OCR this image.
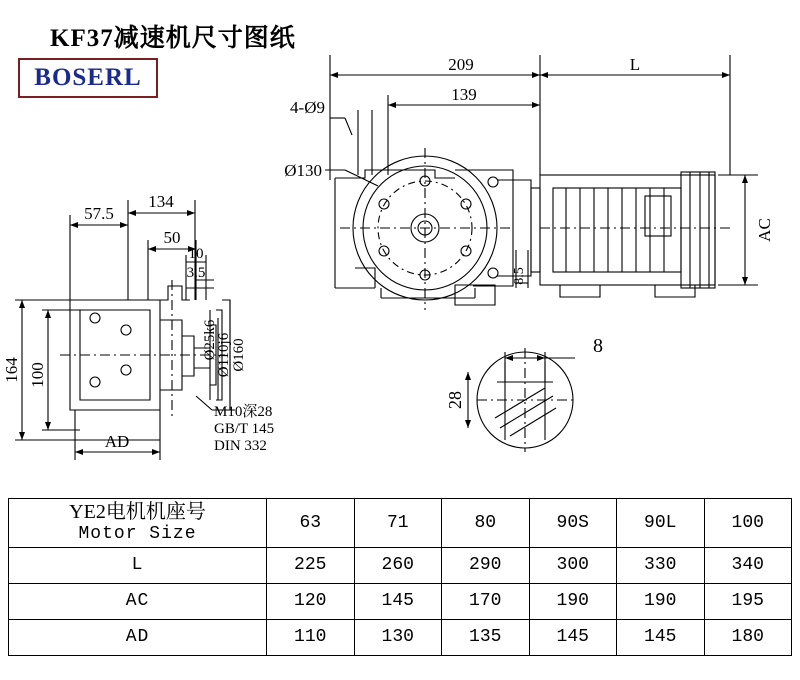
KF37减速机尺寸图纸
BOSERL	209	L
4-Ø9
139
Ø130
AC
8.5
57.5
134
50
10
3.5
Ø25k6
Ø110j6 Ø160
164 100
AD
M10深28
GB/T 145
DIN 332
8
28
YE2电机机座号
Motor Size	63	71	80	90S	90L	100
L	225	260	290	300	330	340
AC	120	145	170	190	190	195
AD	110	130	135	145	145	180
